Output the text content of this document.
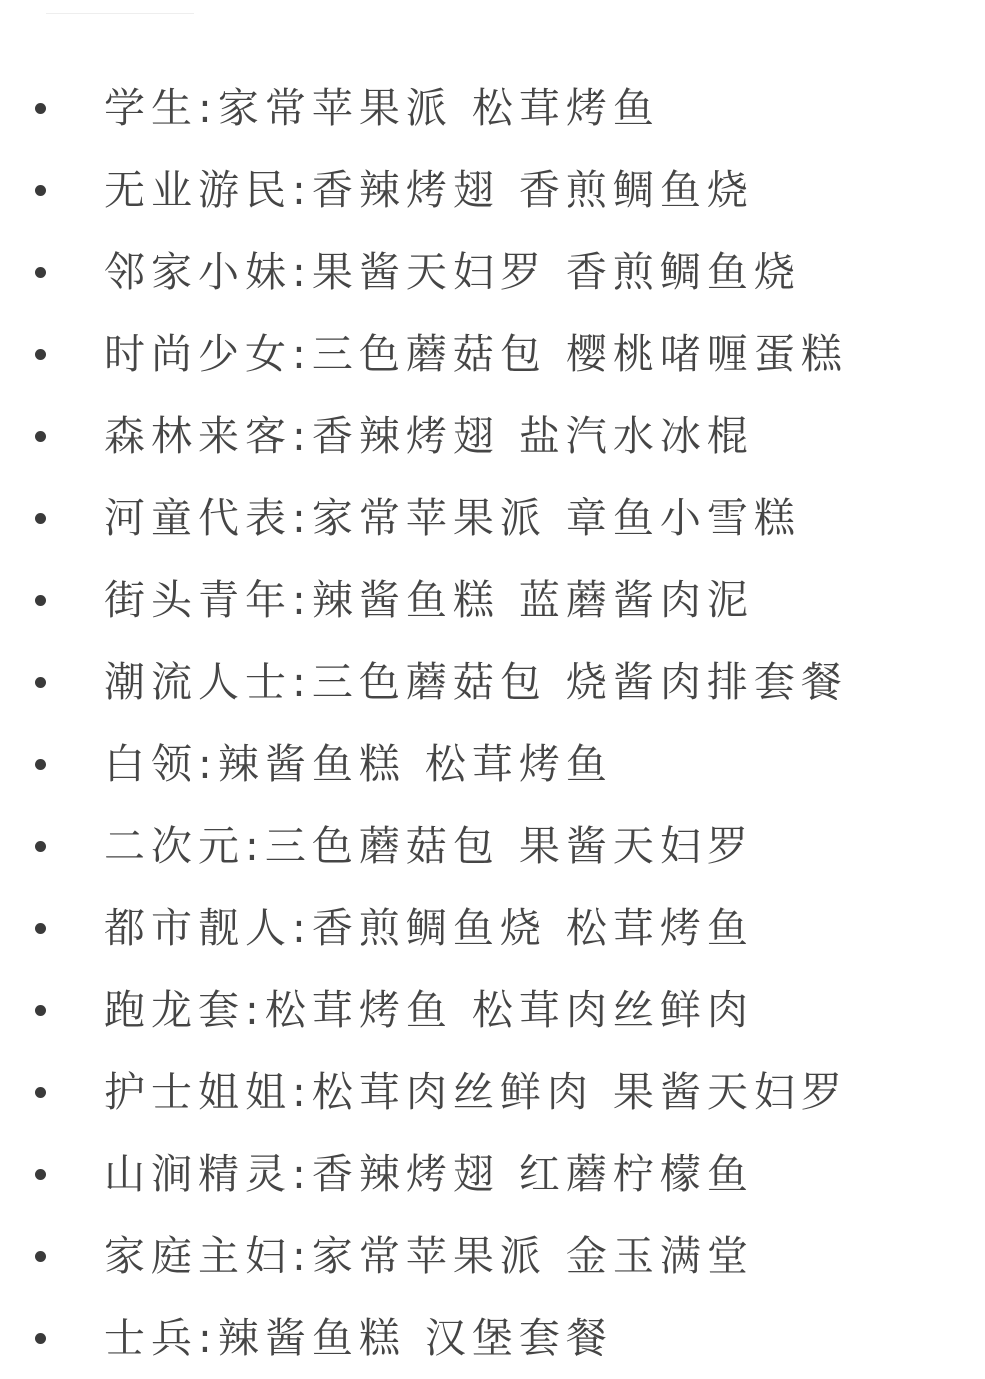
学生:家常苹果派 松茸烤鱼
无业游民:香辣烤翅 香煎鲷鱼烧
邻家小妹:果酱天妇罗 香煎鲷鱼烧
时尚少女:三色蘑菇包 樱桃啫喱蛋糕
森林来客:香辣烤翅 盐汽水冰棍
河童代表:家常苹果派 章鱼小雪糕
街头青年:辣酱鱼糕 蓝蘑酱肉泥
潮流人士:三色蘑菇包 烧酱肉排套餐
白领:辣酱鱼糕 松茸烤鱼
二次元:三色蘑菇包 果酱天妇罗
都市靓人:香煎鲷鱼烧 松茸烤鱼
跑龙套:松茸烤鱼 松茸肉丝鲜肉
护士姐姐:松茸肉丝鲜肉 果酱天妇罗
山涧精灵:香辣烤翅 红蘑柠檬鱼
家庭主妇:家常苹果派 金玉满堂
士兵:辣酱鱼糕 汉堡套餐
